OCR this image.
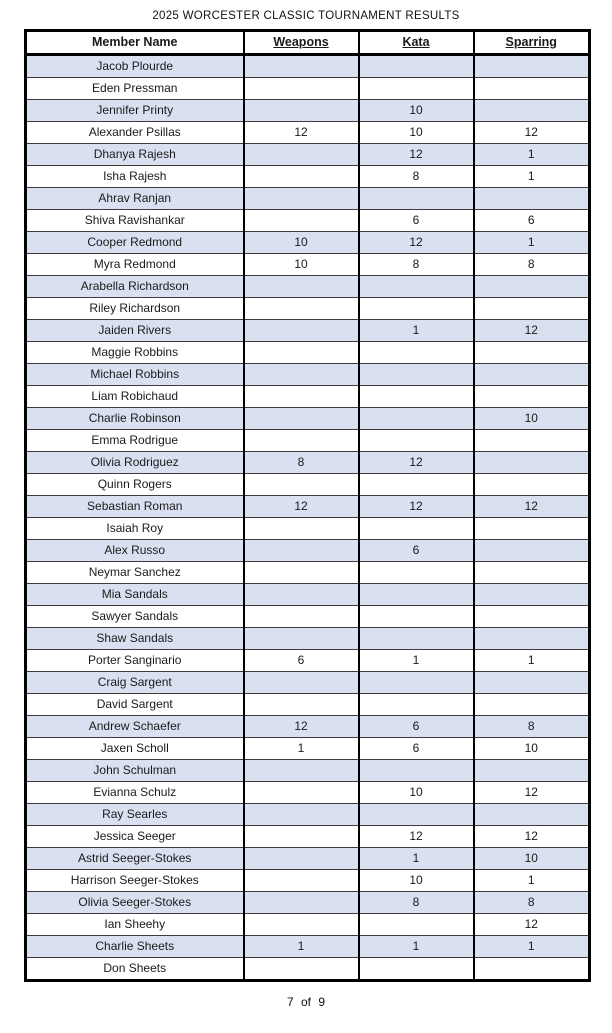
2025 WORCESTER CLASSIC TOURNAMENT RESULTS
Member Name	Weapons	Kata	Sparring
Jacob Plourde			
Eden Pressman			
Jennifer Printy		10	
Alexander Psillas	12	10	12
Dhanya Rajesh		12	1
Isha Rajesh		8	1
Ahrav Ranjan			
Shiva Ravishankar		6	6
Cooper Redmond	10	12	1
Myra Redmond	10	8	8
Arabella Richardson			
Riley Richardson			
Jaiden Rivers		1	12
Maggie Robbins			
Michael Robbins			
Liam Robichaud			
Charlie Robinson			10
Emma Rodrigue			
Olivia Rodriguez	8	12	
Quinn Rogers			
Sebastian Roman	12	12	12
Isaiah Roy			
Alex Russo		6	
Neymar Sanchez			
Mia Sandals			
Sawyer Sandals			
Shaw Sandals			
Porter Sanginario	6	1	1
Craig Sargent			
David Sargent			
Andrew Schaefer	12	6	8
Jaxen Scholl	1	6	10
John Schulman			
Evianna Schulz		10	12
Ray Searles			
Jessica Seeger		12	12
Astrid Seeger-Stokes		1	10
Harrison Seeger-Stokes		10	1
Olivia Seeger-Stokes		8	8
Ian Sheehy			12
Charlie Sheets	1	1	1
Don Sheets			
7 of 9
